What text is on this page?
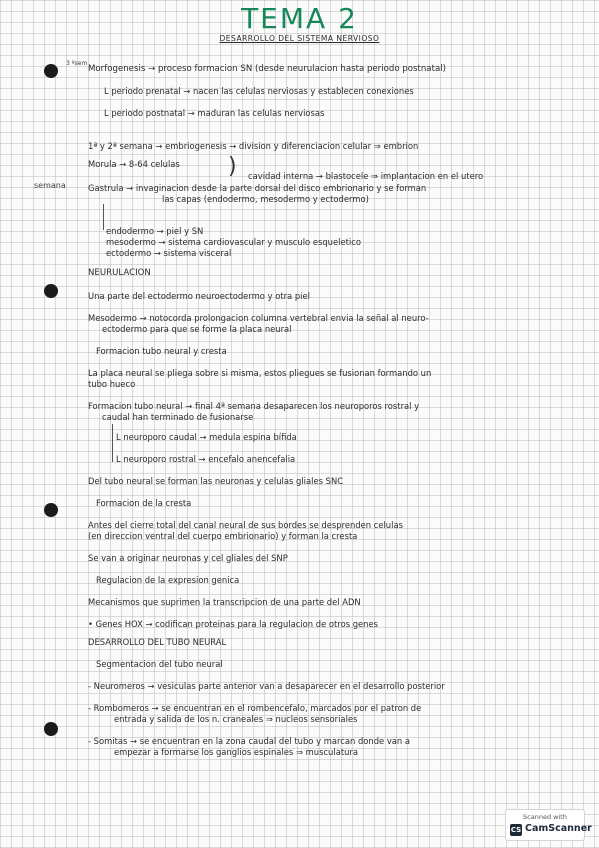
TEMA 2
DESARROLLO DEL SISTEMA NERVIOSO
3 ºsem
semana
Morfogenesis → proceso formacion SN (desde neurulacion hasta periodo postnatal)
ᒪ periodo prenatal → nacen las celulas nerviosas y establecen conexiones
ᒪ periodo postnatal → maduran las celulas nerviosas
1ª y 2ª semana → embriogenesis → division y diferenciacion celular ⇒ embrion
Morula → 8-64 celulas	) cavidad interna → blastocele ⇒ implantacion en el utero
Gastrula → invaginacion desde la parte dorsal del disco embrionario y se forman
las capas (endodermo, mesodermo y ectodermo)
endodermo → piel y SN
mesodermo → sistema cardiovascular y musculo esqueletico
ectodermo → sistema visceral
NEURULACION
Una parte del ectodermo neuroectodermo y otra piel
Mesodermo → notocorda prolongacion columna vertebral envia la señal al neuro-
ectodermo para que se forme la placa neural
Formacion tubo neural y cresta
La placa neural se pliega sobre si misma, estos pliegues se fusionan formando un
tubo hueco
Formacion tubo neural → final 4ª semana desaparecen los neuroporos rostral y
caudal han terminado de fusionarse
ᒪ neuroporo caudal → medula espina bífida
ᒪ neuroporo rostral → encefalo anencefalia
Del tubo neural se forman las neuronas y celulas gliales SNC
Formacion de la cresta
Antes del cierre total del canal neural de sus bordes se desprenden celulas
(en direccion ventral del cuerpo embrionario) y forman la cresta
Se van a originar neuronas y cel gliales del SNP
Regulacion de la expresion genica
Mecanismos que suprimen la transcripcion de una parte del ADN
• Genes HOX → codifican proteinas para la regulacion de otros genes
DESARROLLO DEL TUBO NEURAL
Segmentacion del tubo neural
- Neuromeros → vesiculas parte anterior van a desaparecer en el desarrollo posterior
- Rombomeros → se encuentran en el rombencefalo, marcados por el patron de
entrada y salida de los n. craneales ⇒ nucleos sensoriales
- Somitas → se encuentran en la zona caudal del tubo y marcan donde van a
empezar a formarse los ganglios espinales ⇒ musculatura
Scanned with
CS CamScanner
